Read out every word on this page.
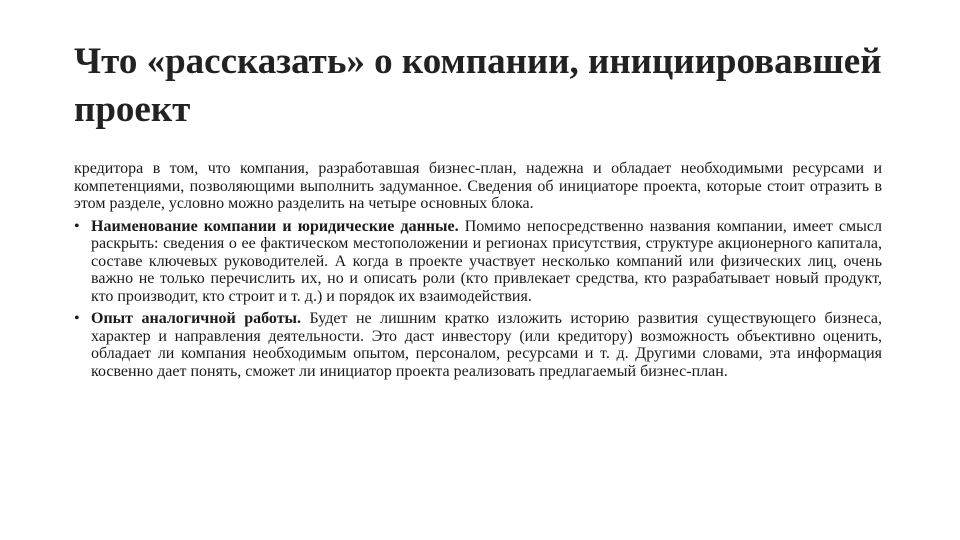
Что «рассказать» о компании, инициировавшей проект

кредитора в том, что компания, разработавшая бизнес-план, надежна и обладает необходимыми ресурсами и компетенциями, позволяющими выполнить задуманное. Сведения об инициаторе проекта, которые стоит отразить в этом разделе, условно можно разделить на четыре основных блока.

• Наименование компании и юридические данные. Помимо непосредственно названия компании, имеет смысл раскрыть: сведения о ее фактическом местоположении и регионах присутствия, структуре акционерного капитала, составе ключевых руководителей. А когда в проекте участвует несколько компаний или физических лиц, очень важно не только перечислить их, но и описать роли (кто привлекает средства, кто разрабатывает новый продукт, кто производит, кто строит и т. д.) и порядок их взаимодействия.
• Опыт аналогичной работы. Будет не лишним кратко изложить историю развития существующего бизнеса, характер и направления деятельности. Это даст инвестору (или кредитору) возможность объективно оценить, обладает ли компания необходимым опытом, персоналом, ресурсами и т. д. Другими словами, эта информация косвенно дает понять, сможет ли инициатор проекта реализовать предлагаемый бизнес-план.
